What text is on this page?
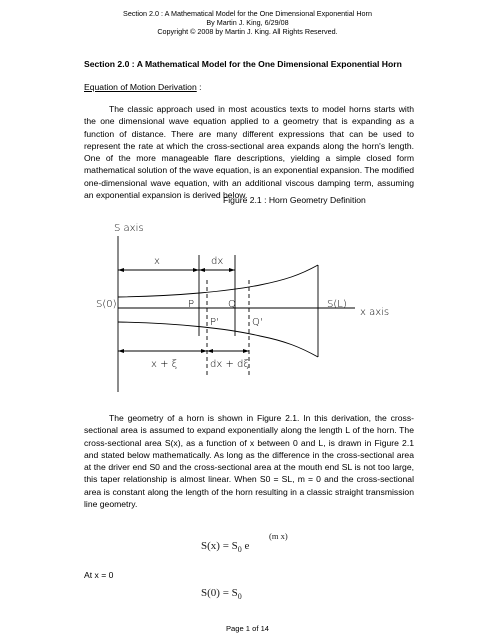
Section 2.0 : A Mathematical Model for the One Dimensional Exponential Horn
By Martin J. King, 6/29/08
Copyright © 2008 by Martin J. King. All Rights Reserved.
Section 2.0 : A Mathematical Model for the One Dimensional Exponential Horn
Equation of Motion Derivation :
The classic approach used in most acoustics texts to model horns starts with the one dimensional wave equation applied to a geometry that is expanding as a function of distance. There are many different expressions that can be used to represent the rate at which the cross-sectional area expands along the horn's length. One of the more manageable flare descriptions, yielding a simple closed form mathematical solution of the wave equation, is an exponential expansion. The modified one-dimensional wave equation, with an additional viscous damping term, assuming an exponential expansion is derived below.
Figure 2.1 : Horn Geometry Definition
S axis
x	dx
S(0)	P	Q
P'	Q'
S(L)
x axis
x + ξ	dx + dξ
The geometry of a horn is shown in Figure 2.1. In this derivation, the cross-sectional area is assumed to expand exponentially along the length L of the horn. The cross-sectional area S(x), as a function of x between 0 and L, is drawn in Figure 2.1 and stated below mathematically. As long as the difference in the cross-sectional area at the driver end S0 and the cross-sectional area at the mouth end SL is not too large, this taper relationship is almost linear. When S0 = SL, m = 0 and the cross-sectional area is constant along the length of the horn resulting in a classic straight transmission line geometry.
$S(x) = S_0$ e
(m x)
At x = 0
$S(0) = S_0$
Page 1 of 14
